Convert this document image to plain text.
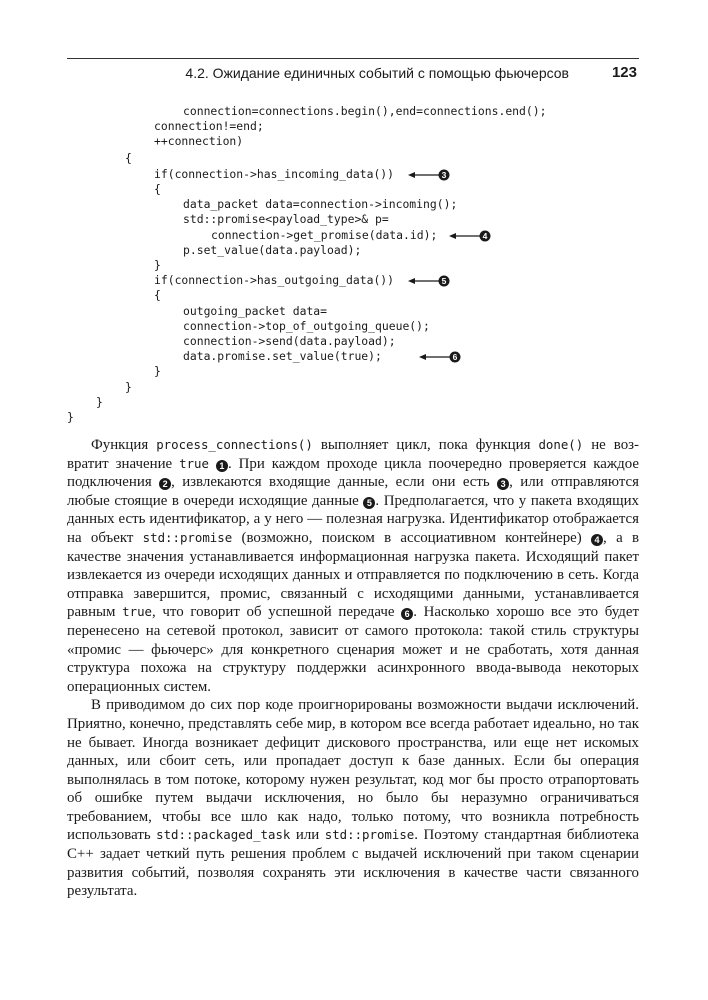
4.2. Ожидание единичных событий с помощью фьючерсов	123
connection=connections.begin(),end=connections.end();
connection!=end;
++connection)
{
if(connection->has_incoming_data())
{
data_packet data=connection->incoming();
std::promise<payload_type>& p=
connection->get_promise(data.id);
p.set_value(data.payload);
}
if(connection->has_outgoing_data())
{
outgoing_packet data=
connection->top_of_outgoing_queue();
connection->send(data.payload);
data.promise.set_value(true);
}
}
}
}
3
4
5
6

Функция process_connections() выполняет цикл, пока функция done() не возвратит значение true 1 . При каждом проходе цикла поочередно проверяется каждое подключения 2 , извлекаются входящие данные, если они есть 3 , или отправляются любые стоящие в очереди исходящие данные 5 . Предполагается, что у пакета входящих данных есть идентификатор, а у него — полезная нагрузка. Идентификатор отображается на объект std::promise (возможно, поиском в ассоциативном контейнере) 4 , а в качестве значения устанавливается информационная нагрузка пакета. Исходящий пакет извлекается из очереди исходящих данных и отправляется по подключению в сеть. Когда отправка завершится, промис, связанный с исходящими данными, устанавливается равным true, что говорит об успешной передаче 6 . Насколько хорошо все это будет перенесено на сетевой протокол, зависит от самого протокола: такой стиль структуры «промис — фьючерс» для конкретного сценария может и не сработать, хотя данная структура похожа на структуру поддержки асинхронного ввода-вывода некоторых операционных систем.

В приводимом до сих пор коде проигнорированы возможности выдачи исключений. Приятно, конечно, представлять себе мир, в котором все всегда работает идеально, но так не бывает. Иногда возникает дефицит дискового пространства, или еще нет искомых данных, или сбоит сеть, или пропадает доступ к базе данных. Если бы операция выполнялась в том потоке, которому нужен результат, код мог бы просто отрапортовать об ошибке путем выдачи исключения, но было бы неразумно ограничиваться требованием, чтобы все шло как надо, только потому, что возникла потребность использовать std::packaged_task или std::promise. Поэтому стандартная библиотека C++ задает четкий путь решения проблем с выдачей исключений при таком сценарии развития событий, позволяя сохранять эти исключения в качестве части связанного результата.
